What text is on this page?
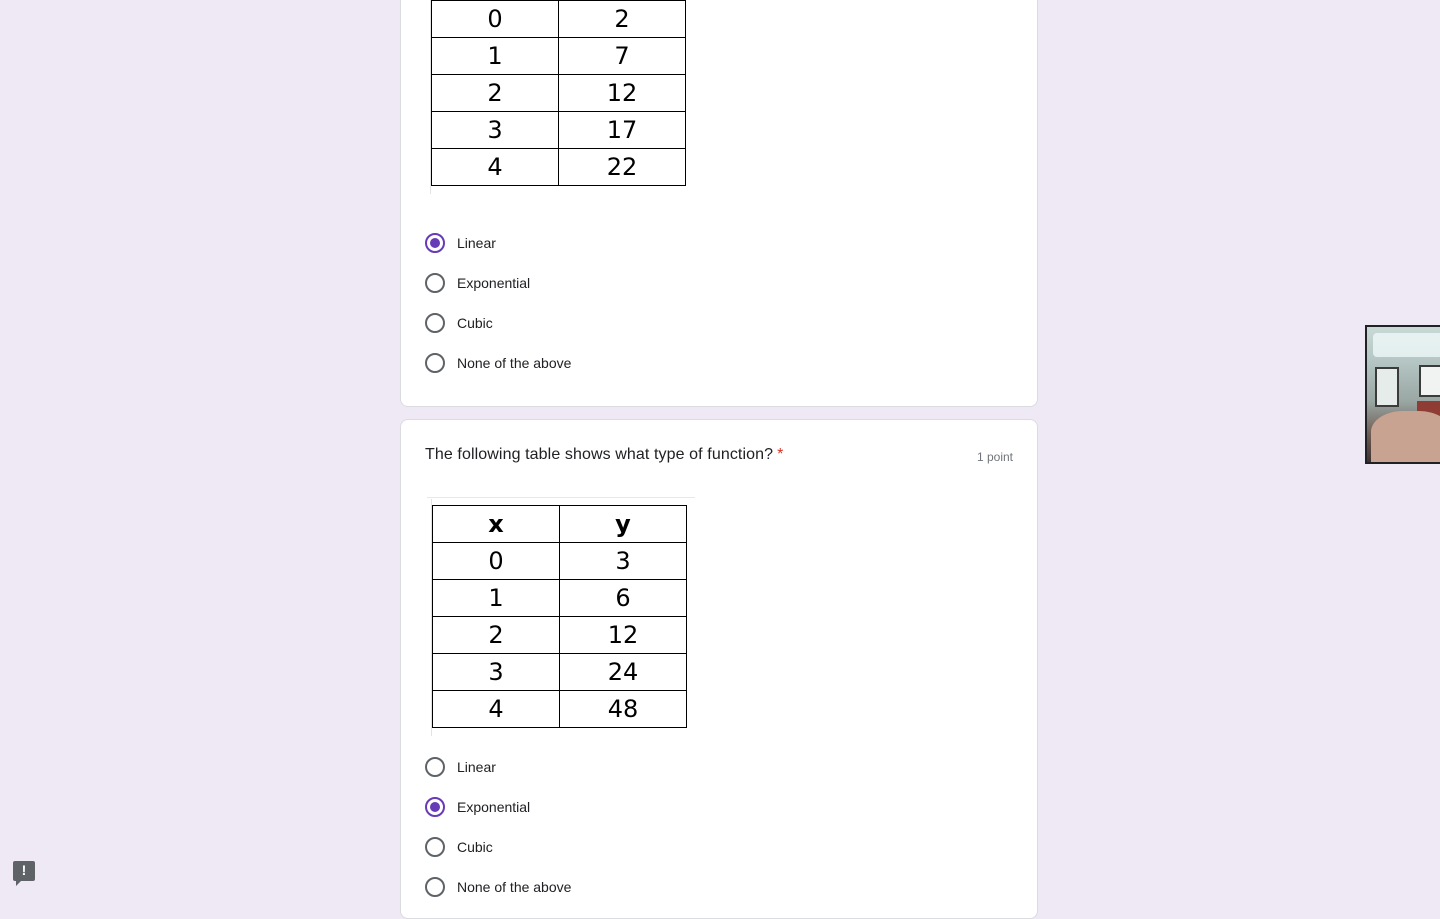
0	2
1	7
2	12
3	17
4	22
Linear
Exponential
Cubic
None of the above
The following table shows what type of function? *	1 point
x	y
0	3
1	6
2	12
3	24
4	48
Linear
Exponential
Cubic
None of the above
!
